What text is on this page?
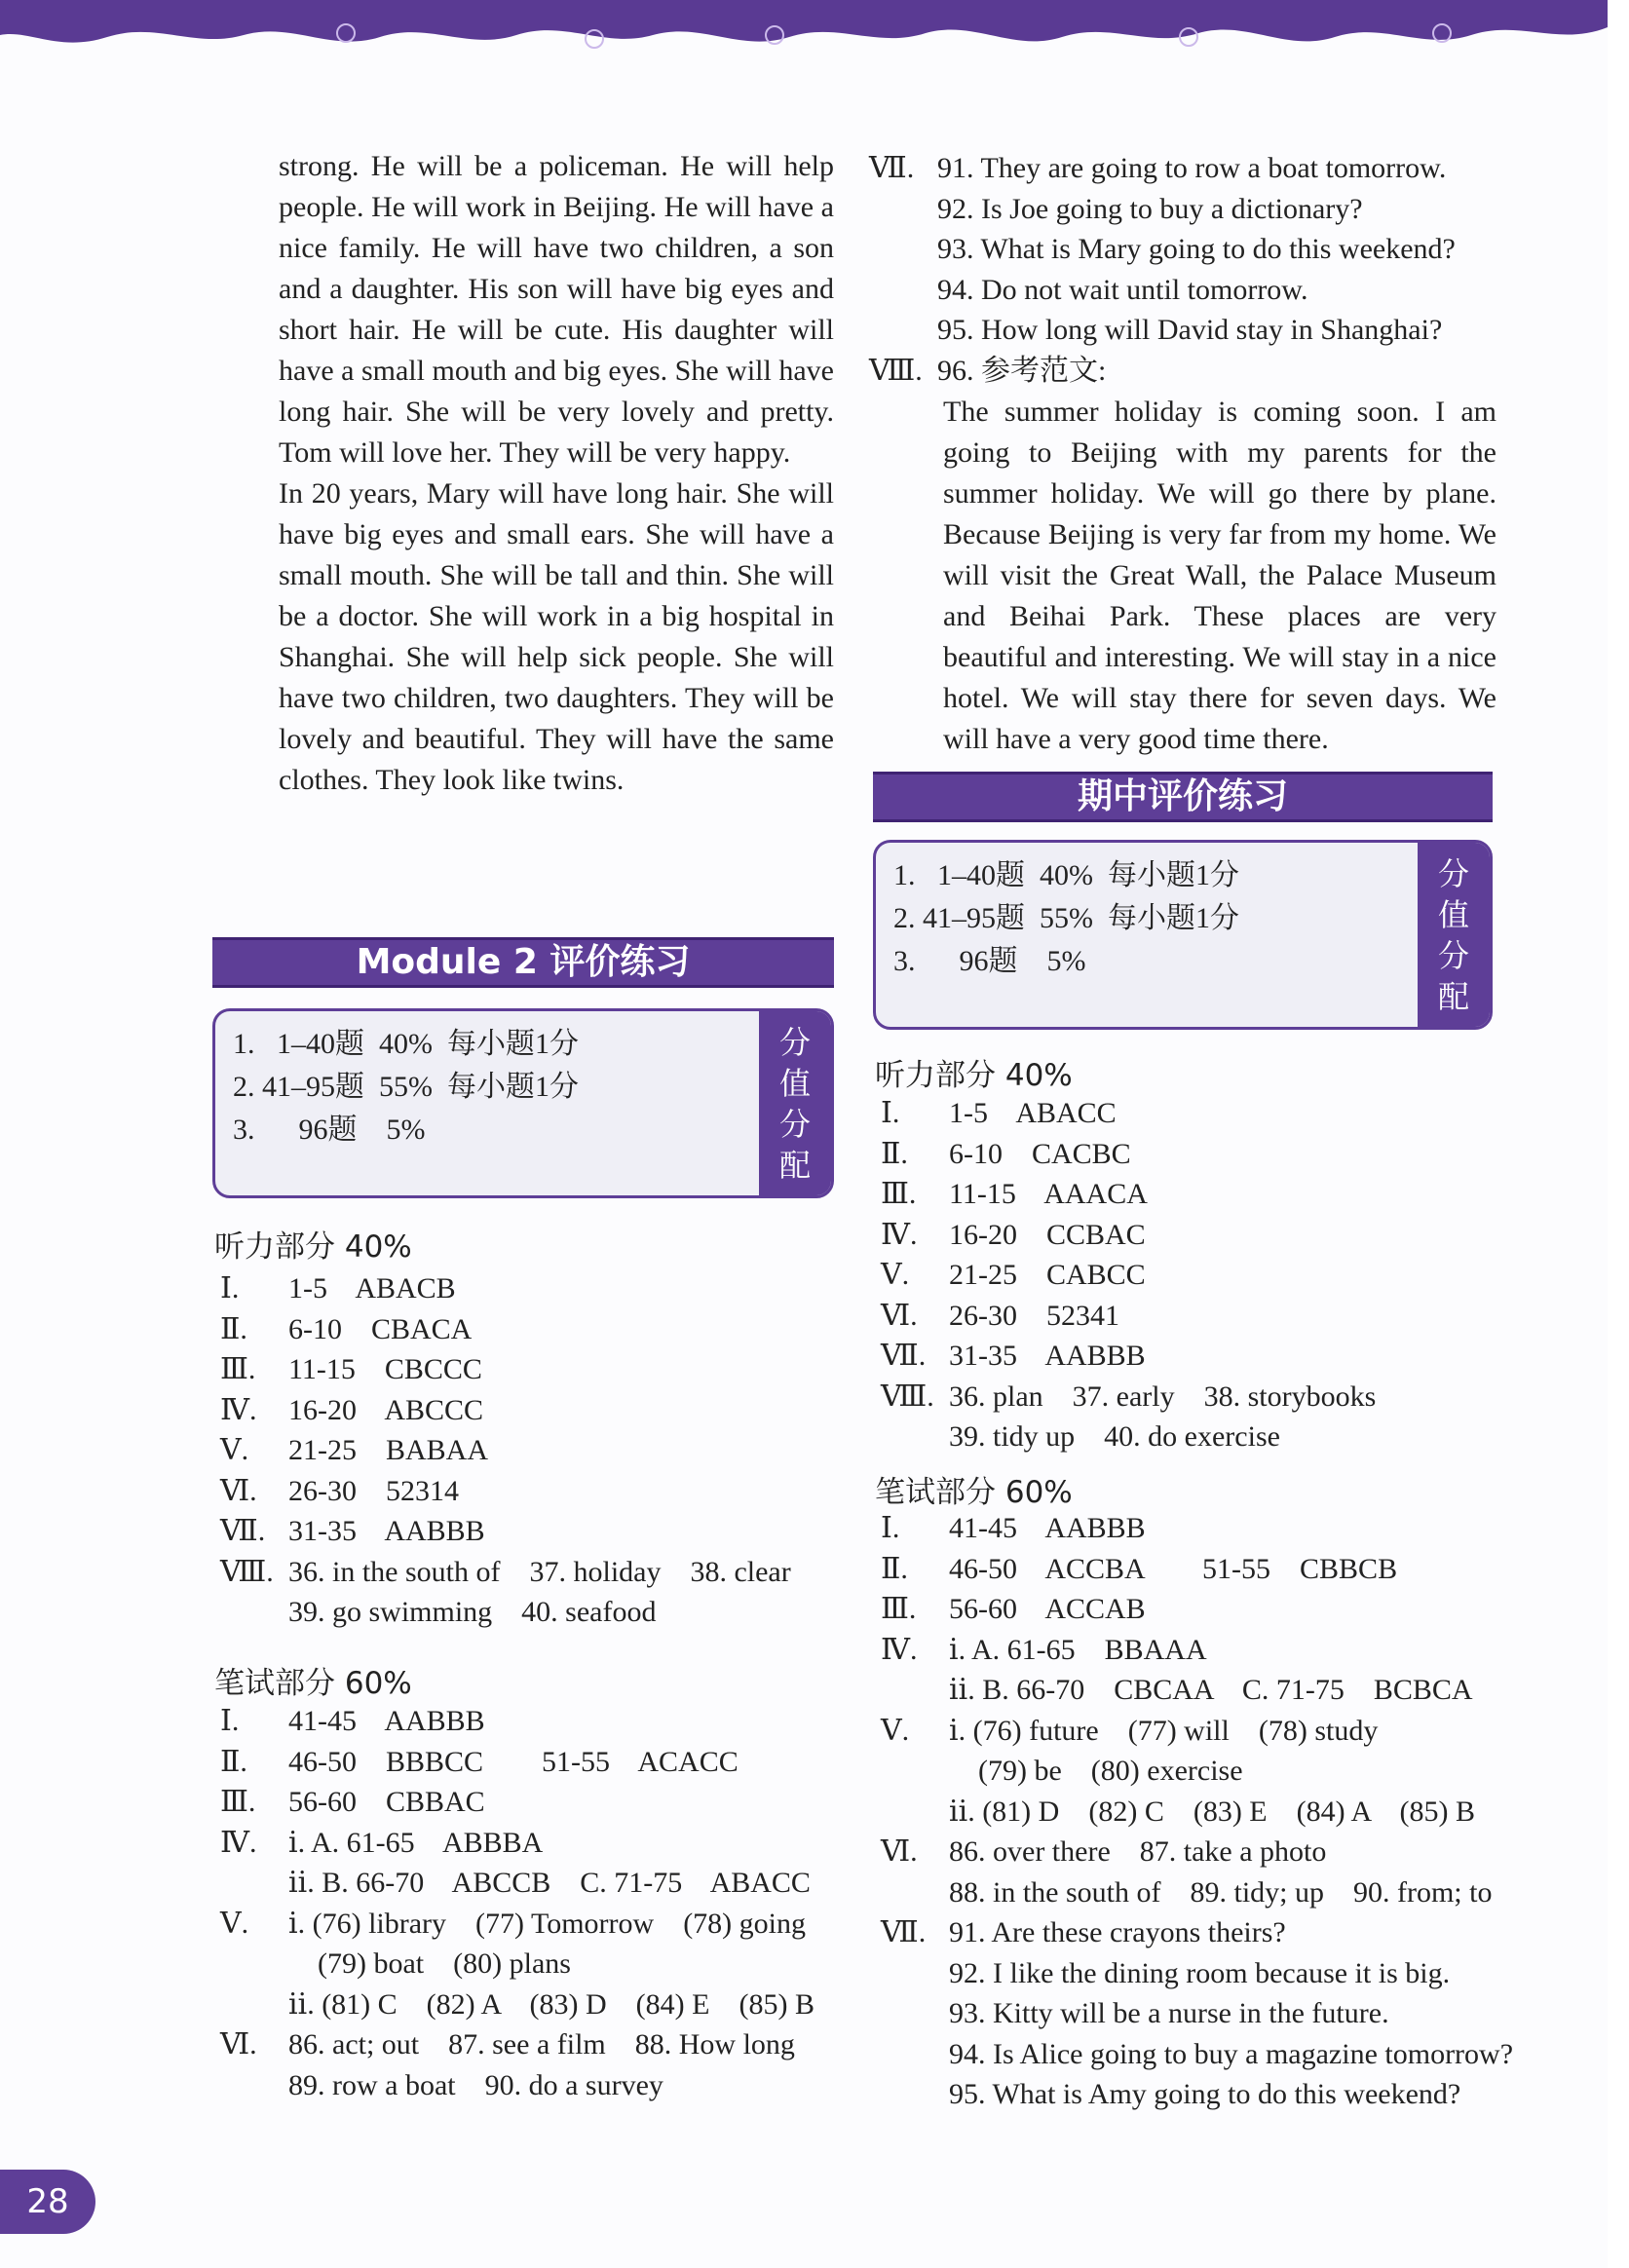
strong. He will be a policeman. He will help people. He will work in Beijing. He will have a nice family. He will have two children, a son and a daughter. His son will have big eyes and short hair. He will be cute. His daughter will have a small mouth and big eyes. She will have long hair. She will be very lovely and pretty. Tom will love her. They will be very happy.

In 20 years, Mary will have long hair. She will have big eyes and small ears. She will have a small mouth. She will be tall and thin. She will be a doctor. She will work in a big hospital in Shanghai. She will help sick people. She will have two children, two daughters. They will be lovely and beautiful. They will have the same clothes. They look like twins.

Module 2 评价练习
1.   1–40题  40%  每小题1分
2. 41–95题  55%  每小题1分
3.      96题    5%
分
值
分
配
听力部分 40%
Ⅰ.	1-5    ABACB
Ⅱ.	6-10    CBACA
Ⅲ.	11-15    CBCCC
Ⅳ.	16-20    ABCCC
Ⅴ.	21-25    BABAA
Ⅵ.	26-30    52314
Ⅶ. 31-35    AABBB
Ⅷ. 36. in the south of    37. holiday    38. clear
39. go swimming    40. seafood
笔试部分 60%
Ⅰ.	41-45    AABBB
Ⅱ.	46-50    BBBCC        51-55    ACACC
Ⅲ.	56-60    CBBAC
Ⅳ.	ⅰ. A. 61-65    ABBBA
ⅱ. B. 66-70    ABCCB    C. 71-75    ABACC
Ⅴ.	ⅰ. (76) library    (77) Tomorrow    (78) going
(79) boat    (80) plans
ⅱ. (81) C    (82) A    (83) D    (84) E    (85) B
Ⅵ.	86. act; out    87. see a film    88. How long
89. row a boat    90. do a survey
Ⅶ. 91. They are going to row a boat tomorrow.
92. Is Joe going to buy a dictionary?
93. What is Mary going to do this weekend?
94. Do not wait until tomorrow.
95. How long will David stay in Shanghai?
Ⅷ. 96. 参考范文:

The summer holiday is coming soon. I am going to Beijing with my parents for the summer holiday. We will go there by plane. Because Beijing is very far from my home. We will visit the Great Wall, the Palace Museum and Beihai Park. These places are very beautiful and interesting. We will stay in a nice hotel. We will stay there for seven days. We will have a very good time there.

期中评价练习
1.   1–40题  40%  每小题1分
2. 41–95题  55%  每小题1分
3.      96题    5%
分
值
分
配
听力部分 40%
Ⅰ.	1-5    ABACC
Ⅱ.	6-10    CACBC
Ⅲ.	11-15    AAACA
Ⅳ.	16-20    CCBAC
Ⅴ.	21-25    CABCC
Ⅵ.	26-30    52341
Ⅶ. 31-35    AABBB
Ⅷ. 36. plan    37. early    38. storybooks
39. tidy up    40. do exercise
笔试部分 60%
Ⅰ.	41-45    AABBB
Ⅱ.	46-50    ACCBA        51-55    CBBCB
Ⅲ.	56-60    ACCAB
Ⅳ.	ⅰ. A. 61-65    BBAAA
ⅱ. B. 66-70    CBCAA    C. 71-75    BCBCA
Ⅴ.	ⅰ. (76) future    (77) will    (78) study
(79) be    (80) exercise
ⅱ. (81) D    (82) C    (83) E    (84) A    (85) B
Ⅵ.	86. over there    87. take a photo
88. in the south of    89. tidy; up    90. from; to
Ⅶ. 91. Are these crayons theirs?
92. I like the dining room because it is big.
93. Kitty will be a nurse in the future.
94. Is Alice going to buy a magazine tomorrow?
95. What is Amy going to do this weekend?
28
